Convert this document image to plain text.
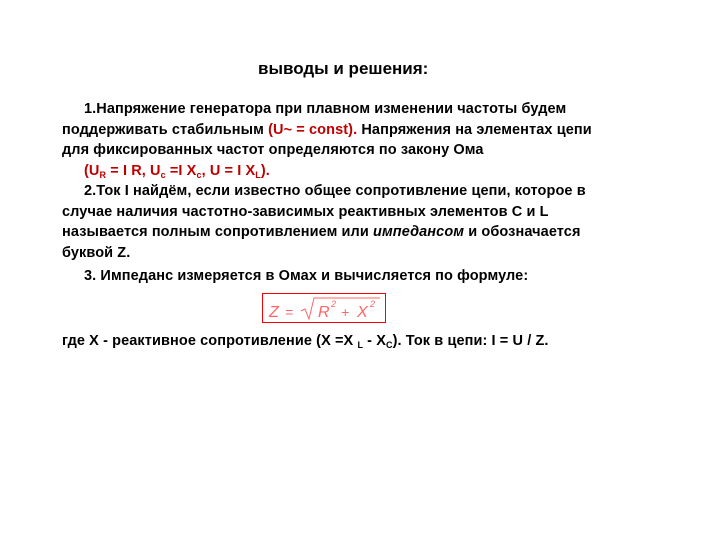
выводы и решения:
1.Напряжение генератора при плавном изменении частоты будем
поддерживать стабильным (U~ = const). Напряжения на элементах цепи
для фиксированных частот определяются по закону Ома
($U_R = I$ R, $U_c =I$ $X_c$, U = I $X_L$).
2.Ток I найдём, если известно общее сопротивление цепи, которое в
случае наличия частотно-зависимых реактивных элементов С и L
называется полным сопротивлением или импедансом и обозначается
буквой Z.
3. Импеданс измеряется в Омах и вычисляется по формуле:
Z = R 2 + X 2
где Х - реактивное сопротивление (Х =Х $_L - Х_C$). Ток в цепи: I = U / Z.
